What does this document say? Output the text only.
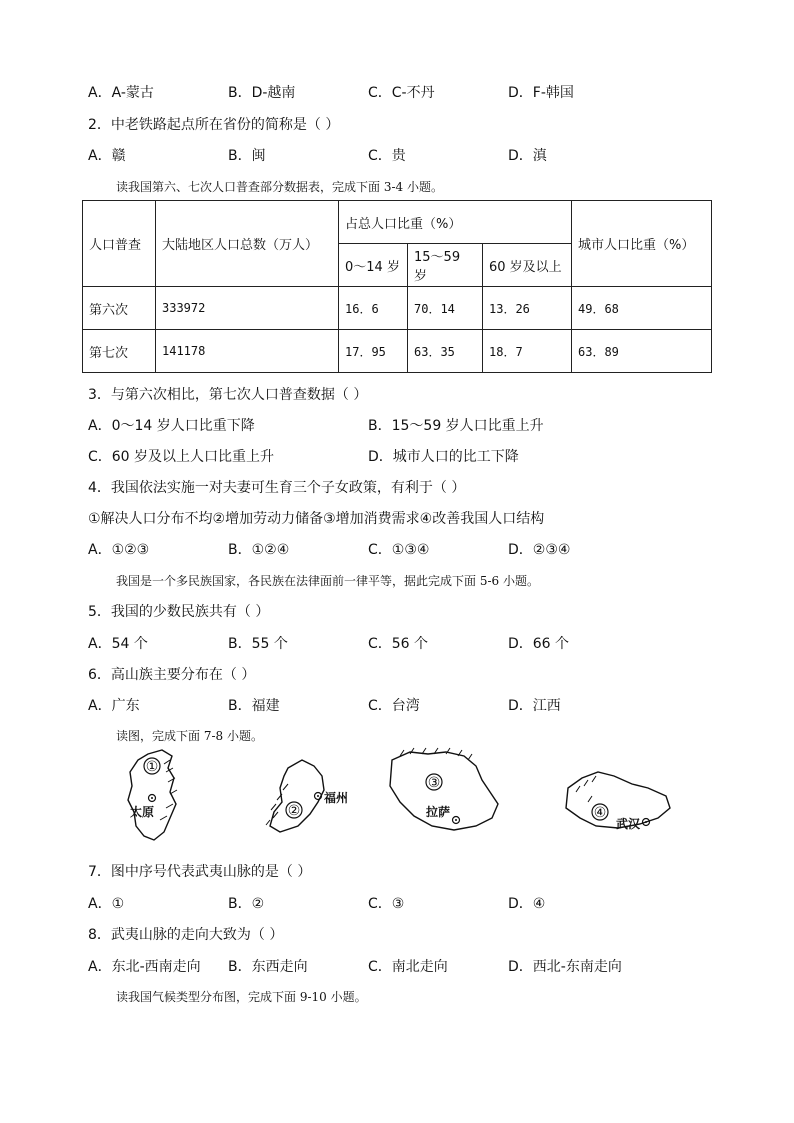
A．A-蒙古	B．D-越南	C．C-不丹	D．F-韩国
2．中老铁路起点所在省份的简称是（ ）
A．赣	B．闽	C．贵	D．滇
读我国第六、七次人口普查部分数据表，完成下面 3-4 小题。
人口普查	大陆地区人口总数（万人）	占总人口比重（%）			城市人口比重（%）
		0～14 岁	15～59 岁	60 岁及以上	
第六次	333972	16．6	70．14	13．26	49．68
第七次	141178	17．95	63．35	18．7	63．89
3．与第六次相比，第七次人口普查数据（ ）
A．0～14 岁人口比重下降	B．15～59 岁人口比重上升
C．60 岁及以上人口比重上升	D．城市人口的比工下降
4．我国依法实施一对夫妻可生育三个子女政策，有利于（ ）
①解决人口分布不均②增加劳动力储备③增加消费需求④改善我国人口结构
A．①②③	B．①②④	C．①③④	D．②③④
我国是一个多民族国家，各民族在法律面前一律平等，据此完成下面 5-6 小题。
5．我国的少数民族共有（ ）
A．54 个	B．55 个	C．56 个	D．66 个
6．高山族主要分布在（ ）
A．广东	B．福建	C．台湾	D．江西
读图，完成下面 7-8 小题。
①
太原	②
福州
③
拉萨	④
武汉
7．图中序号代表武夷山脉的是（ ）
A．①	B．②	C．③	D．④
8．武夷山脉的走向大致为（ ）
A．东北-西南走向 B．东西走向	C．南北走向	D．西北-东南走向
读我国气候类型分布图，完成下面 9-10 小题。
